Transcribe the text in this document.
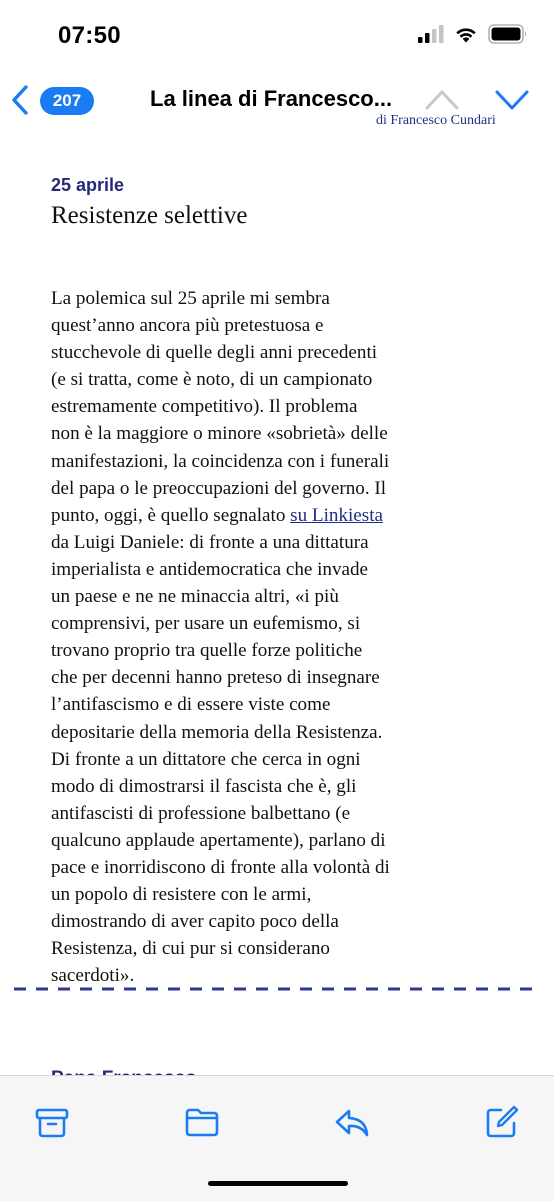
07:50
207	La linea di Francesco...
di Francesco Cundari
25 aprile
Resistenze selettive
La polemica sul 25 aprile mi sembra
quest’anno ancora più pretestuosa e
stucchevole di quelle degli anni precedenti
(e si tratta, come è noto, di un campionato
estremamente competitivo). Il problema
non è la maggiore o minore «sobrietà» delle
manifestazioni, la coincidenza con i funerali
del papa o le preoccupazioni del governo. Il
punto, oggi, è quello segnalato su Linkiesta
da Luigi Daniele: di fronte a una dittatura
imperialista e antidemocratica che invade
un paese e ne ne minaccia altri, «i più
comprensivi, per usare un eufemismo, si
trovano proprio tra quelle forze politiche
che per decenni hanno preteso di insegnare
l’antifascismo e di essere viste come
depositarie della memoria della Resistenza.
Di fronte a un dittatore che cerca in ogni
modo di dimostrarsi il fascista che è, gli
antifascisti di professione balbettano (e
qualcuno applaude apertamente), parlano di
pace e inorridiscono di fronte alla volontà di
un popolo di resistere con le armi,
dimostrando di aver capito poco della
Resistenza, di cui pur si considerano
sacerdoti».
